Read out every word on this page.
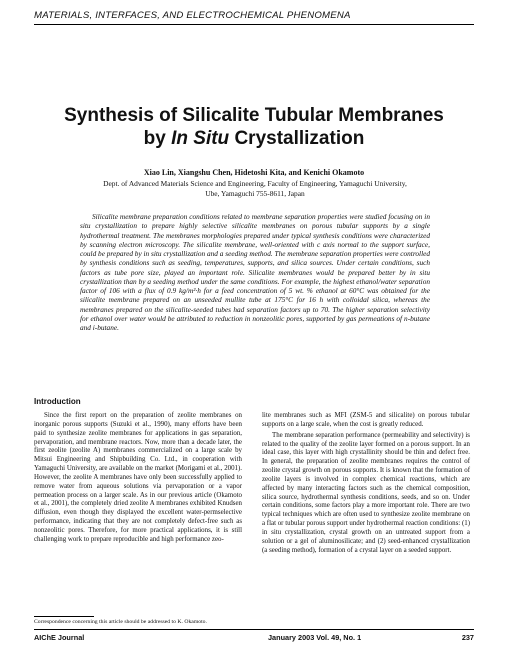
MATERIALS, INTERFACES, AND ELECTROCHEMICAL PHENOMENA
Synthesis of Silicalite Tubular Membranes
by In Situ Crystallization
Xiao Lin, Xiangshu Chen, Hidetoshi Kita, and Kenichi Okamoto
Dept. of Advanced Materials Science and Engineering, Faculty of Engineering, Yamaguchi University,
Ube, Yamaguchi 755-8611, Japan
Silicalite membrane preparation conditions related to membrane separation properties were studied focusing on in situ crystallization to prepare highly selective silicalite membranes on porous tubular supports by a single hydrothermal treatment. The membranes morphologies prepared under typical synthesis conditions were characterized by scanning electron microscopy. The silicalite membrane, well-oriented with c axis normal to the support surface, could be prepared by in situ crystallization and a seeding method. The membrane separation properties were controlled by synthesis conditions such as seeding, temperatures, supports, and silica sources. Under certain conditions, such factors as tube pore size, played an important role. Silicalite membranes would be prepared better by in situ crystallization than by a seeding method under the same conditions. For example, the highest ethanol/water separation factor of 106 with a flux of 0.9 kg/m²·h for a feed concentration of 5 wt. % ethanol at 60°C was obtained for the silicalite membrane prepared on an unseeded mullite tube at 175°C for 16 h with colloidal silica, whereas the membranes prepared on the silicalite-seeded tubes had separation factors up to 70. The higher separation selectivity for ethanol over water would be attributed to reduction in nonzeolitic pores, supported by gas permeations of n-butane and i-butane.
Introduction

Since the first report on the preparation of zeolite membranes on inorganic porous supports (Suzuki et al., 1990), many efforts have been paid to synthesize zeolite membranes for applications in gas separation, pervaporation, and membrane reactors. Now, more than a decade later, the first zeolite (zeolite A) membranes commercialized on a large scale by Mitsui Engineering and Shipbuilding Co. Ltd., in cooperation with Yamaguchi University, are available on the market (Morigami et al., 2001). However, the zeolite A membranes have only been successfully applied to remove water from aqueous solutions via pervaporation or a vapor permeation process on a larger scale. As in our previous article (Okamoto et al., 2001), the completely dried zeolite A membranes exhibited Knudsen diffusion, even though they displayed the excellent water-permselective performance, indicating that they are not completely defect-free such as nonzeolitic pores. Therefore, for more practical applications, it is still challenging work to prepare reproducible and high performance zeo-

lite membranes such as MFI (ZSM-5 and silicalite) on porous tubular supports on a large scale, when the cost is greatly reduced.

The membrane separation performance (permeability and selectivity) is related to the quality of the zeolite layer formed on a porous support. In an ideal case, this layer with high crystallinity should be thin and defect free. In general, the preparation of zeolite membranes requires the control of zeolite crystal growth on porous supports. It is known that the formation of zeolite layers is involved in complex chemical reactions, which are affected by many interacting factors such as the chemical composition, silica source, hydrothermal synthesis conditions, seeds, and so on. Under certain conditions, some factors play a more important role. There are two typical techniques which are often used to synthesize zeolite membrane on a flat or tubular porous support under hydrothermal reaction conditions: (1) in situ crystallization, crystal growth on an untreated support from a solution or a gel of aluminosilicate; and (2) seed-enhanced crystallization (a seeding method), formation of a crystal layer on a seeded support.

Correspondence concerning this article should be addressed to K. Okamoto.
AIChE Journal	January 2003 Vol. 49, No. 1	237
